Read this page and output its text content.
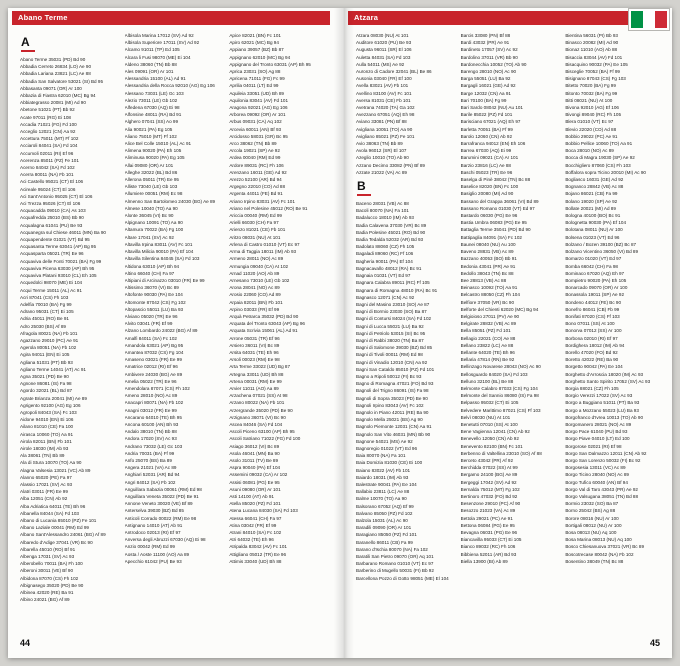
Abano Terme	Atzara
A
Abano Terme 35031 (PD) Bd 90
Abbadia Cerreto 26834 (LO) Ae 90
Abbadia Lariana 23821 (LC) Ae 88
Abbadia San Salvatore 53021 (SI) Bd 95
Abbasanta 09071 (OR) Ar 100
Abbazia di Fiastra 62010 (MC) Bg 94
Abbiategrasso 20081 (MI) Ad 90
Abetone 51021 (PT) Bb 92
Acate 97011 (RG) Ei 108
Accadia 71021 (FG) Fd 100
Acceglio 12021 (CN) Aa 92
Accettura 75011 (MT) Ff 102
Acciaroli 84041 (SA) Fd 104
Accumoli 02011 (RI) Ef 96
Acerenza 85011 (PZ) Fe 101
Acerno 84042 (SA) Fd 102
Acerra 80011 (NA) Fb 101
Aci Castello 95021 (CT) El 106
Acireale 95024 (CT) El 106
Aci Sant'Antonio 95025 (CT) El 106
Aci Trezza 95026 (CT) El 106
Acquacadda 09010 (CA) As 103
Acquafredda 25010 (BS) Bb 90
Acqualagna 61041 (PU) Be 93
Acquanegra sul Chiese 46011 (MN) Ba 90
Acquapendente 01021 (VT) Bd 95
Acquasanta Terme 63041 (AP) Bg 95
Acquasparta 05021 (TR) Ee 96
Acquaviva delle Fonti 70021 (BA) Fg 99
Acquaviva Picena 63030 (AP) Bh 95
Acquaviva Platani 93010 (CL) Eh 105
Acquedolci 98070 (ME) Ei 104
Acqui Terme 15011 (AL) Ac 91
Acri 87041 (CS) Fh 103
Adelfia 70010 (BA) Fg 99
Adrano 95031 (CT) Ei 105
Adria 45011 (RO) Be 91
Adro 25030 (BS) Af 89
Afragola 80021 (NA) Fb 101
Agazzano 29010 (PC) Ae 91
Agerola 80051 (NA) Fb 102
Agira 94011 (EN) Ei 105
Agliana 51031 (PT) Bb 93
Agliano Terme 14041 (AT) Ac 91
Agna 35021 (PD) Be 90
Agnone 86081 (IS) Fa 98
Agordo 32021 (BL) Bd 87
Agrate Brianza 20041 (MI) Ae 89
Agrigento 92100 (AG) Eg 106
Agropoli 84043 (SA) Fc 103
Aidone 94010 (EN) Ei 106
Ailano 81010 (CE) Fa 100
Airasca 10060 (TO) Aa 91
Airola 82011 (BN) Fb 101
Airole 18030 (IM) Ab 93
Ala 38061 (TN) Bb 89
Ala di Stura 10070 (TO) Aa 90
Alagna Valsesia 13021 (VC) Ab 89
Alanno 65020 (PE) Fa 97
Alassio 17021 (SV) Ac 93
Alatri 03011 (FR) Ee 99
Alba 12051 (CN) Ab 92
Alba Adriatica 64011 (TE) Bh 96
Albanella 84044 (SA) Fd 103
Albano di Lucania 85010 (PZ) Fe 101
Albano Laziale 00041 (RM) Ed 99
Albano Sant'Alessandro 24061 (BG) Af 89
Albaredo d'Adige 37041 (VR) Bc 90
Albarella 45010 (RO) Bf 91
Albenga 17031 (SV) Ac 93
Alberobello 70011 (BA) Fh 100
Alberoni 30011 (VE) Bf 90
Albidona 87070 (CS) Fh 102
Albignasego 35020 (PD) Be 90
Albinea 42020 (RE) Ba 91
Albino 24021 (BG) Af 89
Albisola Marina 17012 (SV) Ad 92
Albisola Superiore 17011 (SV) Ad 92
Alcamo 91011 (TP) Ed 105
Alcara li Fusi 98070 (ME) Ei 104
Aldeno 38060 (TN) Bb 88
Ales 09091 (OR) Ar 101
Alessandria 15100 (AL) Ad 91
Alessandria della Rocca 92010 (AG) Eg 106
Alessano 73031 (LE) Gc 103
Alezio 73011 (LE) Gb 102
Alfedena 67030 (AQ) Ei 98
Alfonsine 48011 (RA) Bd 91
Alghero 07041 (SS) Ao 99
Alia 90021 (PA) Eg 105
Aliano 75010 (MT) Ff 102
Alice Bel Colle 15010 (AL) Ac 91
Alimena 90020 (PA) Eh 105
Aliminusa 90020 (PA) Eg 105
Allai 09080 (OR) Ar 101
Alleghe 32022 (BL) Bd 86
Allerona 05011 (TR) Ee 95
Alliste 73040 (LE) Gb 103
Allumiere 00051 (RM) Ec 98
Almenno San Bartolomeo 24030 (BG) Ae 89
Almese 10040 (TO) Aa 90
Alonte 36045 (VI) Bc 90
Alpignano 10091 (TO) Aa 90
Altamura 70022 (BA) Fg 100
Altare 17041 (SV) Ac 92
Altavilla Irpina 83011 (AV) Fc 101
Altavilla Milicia 90010 (PA) Ef 104
Altavilla Silentina 84045 (SA) Fd 103
Altidona 63010 (AP) Bh 94
Altino 66040 (CH) Fa 97
Altipiani di Arcinazzo 03010 (FR) Ee 99
Altissimo 36070 (VI) Bc 89
Altofonte 90030 (PA) Ee 104
Altomonte 87042 (CS) Fg 102
Altopascio 55011 (LU) Ba 93
Alviano 05020 (TR) Ee 96
Alvito 03041 (FR) Ef 99
Alzano Lombardo 24022 (BG) Af 89
Amalfi 84011 (SA) Fc 102
Amandola 63021 (AP) Bg 95
Amantea 87032 (CS) Fg 104
Amaseno 03021 (FR) Ee 99
Amatrice 02012 (RI) Ef 96
Ambivere 24030 (BG) Ae 89
Amelia 05022 (TR) Ee 96
Amendolara 87071 (CS) Fh 102
Ameno 28010 (NO) Ac 89
Anacapri 80071 (NA) Fb 102
Anagni 03012 (FR) Ee 99
Ancarano 64010 (TE) Bh 95
Ancona 60100 (AN) Bh 93
Andalo 38010 (TN) Bb 88
Andora 17020 (SV) Ac 93
Andrano 73032 (LE) Gc 103
Andria 70031 (BA) Ff 99
Anfo 25070 (BS) Ba 89
Angera 21021 (VA) Ac 89
Anghiari 52031 (AR) Bd 94
Angri 84012 (SA) Fb 102
Anguillara Sabazia 00061 (RM) Ed 98
Anguillara Veneta 35022 (PD) Be 91
Annone Veneto 30020 (VE) Bf 89
Anterselva 39030 (BZ) Bd 85
Anticoli Corrado 00022 (RM) Ee 98
Antignano 14010 (AT) Ab 91
Antrodoco 02013 (RI) Ef 97
Anversa degli Abruzzi 67030 (AQ) Ei 98
Anzio 00042 (RM) Ed 99
Aosta / Aoste 11100 (AO) Aa 89
Apecchio 61042 (PU) Be 93
Apice 82021 (BN) Fc 101
Apiro 62021 (MC) Bg 94
Appiano 39057 (BZ) Bb 87
Appignano 62010 (MC) Bg 94
Appignano del Tronto 63031 (AP) Bh 95
Aprica 23031 (SO) Ag 88
Apricena 71011 (FG) Fc 99
Aprilia 04011 (LT) Ed 99
Aquileia 33051 (UD) Bh 89
Aquilonia 83041 (AV) Fd 101
Aragona 92021 (AG) Eg 106
Arborea 09092 (OR) Ar 101
Arbus 09031 (CA) Aq 102
Arcevia 60011 (AN) Bf 93
Arcidosso 58031 (GR) Bc 95
Arco 38062 (TN) Bb 89
Arcola 19021 (SP) Ae 92
Ardea 00040 (RM) Ed 99
Ardore 89031 (RC) Fh 106
Arenzano 16011 (GE) Ad 92
Arezzo 52100 (AR) Bd 94
Argegno 22010 (CO) Ad 88
Argenta 44011 (FE) Bd 91
Ariano Irpino 83031 (AV) Fc 101
Ariano nel Polesine 45012 (RO) Be 91
Ariccia 00040 (RM) Ed 99
Arielli 66030 (CH) Fa 97
Arienzo 81021 (CE) Fb 101
Aritzo 08031 (NU) At 101
Arlena di Castro 01010 (VT) Ec 97
Arma di Taggia 18011 (IM) Ab 93
Armeno 28011 (NO) Ac 89
Armungia 09040 (CA) At 102
Arnad 11020 (AO) Ab 89
Arnesano 73010 (LE) Gb 102
Arona 28041 (NO) Ac 89
Arosio 22060 (CO) Ad 89
Arpaia 82011 (BN) Fb 101
Arpino 03033 (FR) Ef 99
Arquà Petrarca 35032 (PD) Bd 90
Arquata del Tronto 63043 (AP) Bg 96
Arquata Scrivia 15061 (AL) Ad 91
Arrone 05031 (TR) Ef 96
Arsiero 36011 (VI) Bc 89
Arsita 64031 (TE) Eh 96
Arsoli 00023 (RM) Ee 98
Arta Terme 33022 (UD) Bg 87
Artegna 33011 (UD) Bh 88
Artena 00031 (RM) Ee 99
Arvier 11011 (AO) Aa 89
Arzachena 07021 (SS) At 98
Arzano 80022 (NA) Fb 101
Arzergrande 35020 (PD) Be 90
Arzignano 36071 (VI) Bc 90
Ascea 84046 (SA) Fd 104
Ascoli Piceno 63100 (AP) Bh 95
Ascoli Satriano 71022 (FG) Fd 100
Asiago 36012 (VI) Bc 89
Asola 46041 (MN) Ba 90
Asolo 31011 (TV) Be 89
Aspra 90040 (PA) Ef 104
Assemini 09032 (CA) Ar 102
Assisi 06081 (PG) Ee 95
Asuni 09080 (OR) Ar 101
Asti 14100 (AT) Ab 91
Atella 85020 (PZ) Fd 101
Atena Lucana 84030 (SA) Fd 103
Atessa 66041 (CH) Fa 97
Atina 03042 (FR) Ef 99
Atrani 84010 (SA) Fc 102
Atri 64032 (TE) Eh 96
Atripalda 83042 (AV) Fc 101
Attigliano 05012 (TR) Ee 96
Attimis 33040 (UD) Bh 88
Atzara 08030 (NU) At 101
Auditore 61020 (PU) Be 93
Augusta 96011 (SR) El 106
Auletta 84031 (SA) Fd 103
Aulla 54011 (MS) Ae 92
Auronzo di Cadore 32041 (BL) Be 86
Ausonia 03040 (FR) Ef 100
Avella 83021 (AV) Fb 101
Avellino 83100 (AV) Fc 101
Aversa 81031 (CE) Fb 101
Avetrana 74020 (TA) Ga 102
Avezzano 67051 (AQ) Eh 98
Aviano 33081 (PN) Bf 88
Avigliana 10051 (TO) Aa 90
Avigliano 85021 (PZ) Fe 101
Avio 38063 (TN) Bb 89
Avola 96012 (SR) El 107
Azeglio 10010 (TO) Ab 90
Azzano Decimo 33082 (PN) Bf 89
Azzate 21022 (VA) Ac 89
B
Baceno 28031 (VB) Ac 88
Bacoli 80070 (NA) Fa 101
Badalucco 18010 (IM) Ab 93
Badia Calavena 37030 (VR) Bc 89
Badia Polesine 45021 (RO) Bd 90
Badia Tedalda 52032 (AR) Bd 93
Badolato 88060 (CZ) Fh 105
Bagaladi 89060 (RC) Ff 106
Bagheria 90011 (PA) Ef 104
Bagnacavallo 48012 (RA) Bc 91
Bagnaia 01031 (VT) Ed 97
Bagnara Calabra 89011 (RC) Ff 105
Bagnara di Romagna 48010 (RA) Bc 91
Bagnasco 12071 (CN) Ac 92
Bagni del Masino 23010 (SO) Ae 87
Bagni di Bormio 23030 (SO) Ba 87
Bagni di Contursi 84024 (SA) Fd 102
Bagni di Lucca 55021 (LU) Ba 92
Bagni di Petriolo 53015 (SI) Bc 95
Bagni di Rabbi 38020 (TN) Ba 87
Bagni di Salomone 39030 (BZ) Bd 85
Bagni di Tivoli 00011 (RM) Ed 98
Bagni di Vinadio 12010 (CN) Aa 92
Bagni San Cataldo 85010 (PZ) Fd 101
Bagno a Ripoli 50012 (FI) Bc 93
Bagno di Romagna 47021 (FO) Bd 93
Bagnoli del Trigno 86091 (IS) Fa 98
Bagnoli di Sopra 35023 (PD) Be 90
Bagnoli Irpino 83043 (AV) Fc 102
Bagnolo in Piano 42011 (RE) Ba 90
Bagnolo Mella 25021 (BS) Ag 90
Bagnolo Piemonte 12031 (CN) Aa 91
Bagnolo San Vito 46031 (MN) Bb 90
Bagnone 54021 (MS) Ae 92
Bagnoregio 01022 (VT) Ed 96
Baia 80070 (NA) Fa 101
Baia Domizia 81030 (CE) Ei 100
Baiano 83022 (AV) Fb 101
Baiardo 18031 (IM) Ab 93
Balestrate 90041 (PA) Ee 104
Ballabio 23811 (LC) Ae 88
Balme 10070 (TO) Aa 90
Balsorano 67052 (AQ) Ef 99
Balvano 85050 (PZ) Fd 102
Balzola 15031 (AL) Ac 90
Baradili 09090 (OR) Ar 101
Baragiano 85050 (PZ) Fd 101
Baranello 86011 (CB) Fa 99
Barano d'Ischia 80070 (NA) Fa 102
Baratili San Pietro 09070 (OR) Aq 101
Barbarano Romano 01010 (VT) Ec 97
Barberino di Mugello 50031 (FI) Bb 92
Barcellona Pozzo di Gotto 98051 (ME) El 104
Barcis 33080 (PN) Bf 88
Bardi 43032 (PR) Ae 91
Bardineto 17057 (SV) Ac 92
Bardolino 37011 (VR) Bb 90
Bardonecchia 10052 (TO) Ab 90
Barengo 28010 (NO) Ac 90
Barga 55051 (LU) Ba 92
Bargagli 16021 (GE) Ad 92
Barge 12032 (CN) Aa 91
Bari 70100 (BA) Fg 99
Bari Sardo 08042 (NU) Au 101
Barile 85022 (PZ) Fd 101
Barisciano 67021 (AQ) Eh 97
Barletta 70051 (BA) Ff 99
Barolo 12060 (CN) Ab 92
Barrafranca 94012 (EN) Eh 106
Barrea 67030 (AQ) Ei 99
Barumini 09021 (CA) Ar 101
Barzio 23816 (LC) Ae 88
Baschi 05023 (TR) Ee 96
Baselga di Pinè 38042 (TN) Bc 88
Baselice 82020 (BN) Fc 100
Basiglio 20080 (MI) Ad 90
Bassano del Grappa 36061 (VI) Bd 89
Bassano Romano 01030 (VT) Ed 97
Bastardo 06030 (PG) Ee 96
Bastia Umbra 06083 (PG) Ee 95
Battaglia Terme 35041 (PD) Bd 90
Battipaglia 84091 (SA) Fc 102
Baunei 08040 (NU) Au 100
Baveno 28831 (VB) Ac 89
Bazzano 40053 (BO) Bb 91
Bedonia 43041 (PR) Ae 91
Bedollo 38043 (TN) Bc 88
Bee 28813 (VB) Ac 88
Beinasco 10092 (TO) Aa 91
Belcastro 88050 (CZ) Fh 104
Belfiore 37050 (VR) Bc 90
Belforte del Chienti 62020 (MC) Bg 94
Belgioioso 27011 (PV) Ae 90
Belgirate 28832 (VB) Ac 89
Bella 85051 (PZ) Fd 101
Bellagio 22021 (CO) Ae 88
Bellano 23822 (LC) Ae 88
Bellante 64020 (TE) Bh 96
Bellaria 47814 (RN) Be 92
Bellinzago Novarese 28043 (NO) Ac 90
Bellosguardo 84020 (SA) Fd 103
Belluno 32100 (BL) Be 88
Belmonte Calabro 87033 (CS) Fg 104
Belmonte del Sannio 86080 (IS) Fa 98
Belpasso 95032 (CT) Ei 105
Belvedere Marittimo 87021 (CS) Ff 103
Belvì 08030 (NU) At 101
Benetutti 07010 (SS) At 100
Bene Vagienna 12041 (CN) Ab 92
Benevello 12050 (CN) Ab 92
Benevento 82100 (BN) Fc 101
Berbenno di Valtellina 23010 (SO) Af 88
Berceto 43042 (PR) Af 92
Berchidda 07022 (SS) At 99
Bergamo 24100 (BG) Ae 89
Bergeggi 17042 (SV) Ad 92
Bernalda 75012 (MT) Fg 102
Bertinoro 47032 (FO) Bd 92
Besenzone 29010 (PC) Af 90
Besozzo 21023 (VA) Ac 89
Bettola 29021 (PC) Ae 91
Bettona 06084 (PG) Ee 95
Bevagna 06031 (PG) Ee 96
Biancavilla 95033 (CT) Ei 105
Bianco 89032 (RC) Fh 106
Bibbiena 52011 (AR) Bd 93
Biella 13900 (BI) Ab 89
Bientina 56031 (PI) Bb 93
Binasco 20082 (MI) Ad 90
Bionaz 11010 (AO) Ab 88
Bisaccia 83044 (AV) Fd 101
Bisacquino 90032 (PA) Ee 105
Bisceglie 70052 (BA) Ff 99
Bisignano 87043 (CS) Fg 103
Bitetto 70020 (BA) Fg 99
Bitonto 70032 (BA) Fg 99
Bitti 08021 (NU) At 100
Bivona 92010 (AG) Ef 106
Bivongi 89040 (RC) Fh 105
Blera 01010 (VT) Ec 97
Blevio 22020 (CO) Ad 88
Bobbio 29022 (PC) Ae 91
Bobbio Pellice 10060 (TO) Aa 91
Boca 28010 (NO) Ac 89
Bocca di Magra 19030 (SP) Ae 92
Bocchigliero 87060 (CS) Fh 103
Boffalora sopra Ticino 20010 (MI) Ac 90
Bogliasco 16031 (GE) Ad 92
Bognanco 28842 (VB) Ac 88
Bojano 86021 (CB) Fa 99
Bolano 19020 (SP) Ae 92
Bollate 20021 (MI) Ad 89
Bologna 40100 (BO) Bc 91
Bolognetta 90030 (PA) Ef 104
Bolotana 08011 (NU) Ar 100
Bolsena 01023 (VT) Ed 96
Bolzano / Bozen 39100 (BZ) Bc 87
Bolzano Vicentino 36050 (VI) Bd 89
Bomarzo 01020 (VT) Ed 97
Bomba 66042 (CH) Fa 98
Bominaco 67020 (AQ) Eh 97
Bompietro 90020 (PA) Eh 105
Bonarcado 09070 (OR) Ar 100
Bonassola 19011 (SP) Ae 92
Bondeno 44012 (FE) Bc 90
Bonefro 86041 (CB) Fb 99
Bonifati 87020 (CS) Ff 103
Bono 07011 (SS) At 100
Bonorva 07012 (SS) Ar 100
Borbona 02010 (RI) Ef 97
Bordighera 18012 (IM) Ab 94
Borello 47020 (FO) Bd 92
Boretto 42022 (RE) Ba 90
Borgetto 90042 (PA) Ee 104
Borghetto d'Arroscia 18020 (IM) Ac 93
Borghetto Santo Spirito 17052 (SV) Ac 93
Borgia 88021 (CZ) Fh 105
Borgio Verezzi 17022 (SV) Ac 93
Borgo a Buggiano 51011 (PT) Ba 93
Borgo a Mozzano 55023 (LU) Ba 93
Borgofranco d'Ivrea 10013 (TO) Ab 90
Borgomanero 28021 (NO) Ac 89
Borgo Pace 61040 (PU) Bd 93
Borgo Piave 04010 (LT) Ed 100
Borgorose 02021 (RI) Ef 98
Borgo San Dalmazzo 12011 (CN) Ab 92
Borgo San Lorenzo 50032 (FI) Bc 92
Borgosesia 13011 (VC) Ac 89
Borgo Ticino 28040 (NO) Ac 89
Borgo Tufico 60040 (AN) Bf 94
Borgo Val di Taro 43043 (PR) Ae 92
Borgo Valsugana 38051 (TN) Bd 88
Bormio 23032 (SO) Ba 87
Borno 25042 (BS) Ag 88
Borore 08016 (NU) Ar 100
Bortigali 08012 (NU) Ar 100
Bosa 08013 (NU) Aq 100
Bosa Marina 08013 (NU) Aq 100
Bosco Chiesanuova 37021 (VR) Bc 89
Boscotrecase 80042 (NA) Fb 102
Bosentino 38049 (TN) Bc 88
44	45
